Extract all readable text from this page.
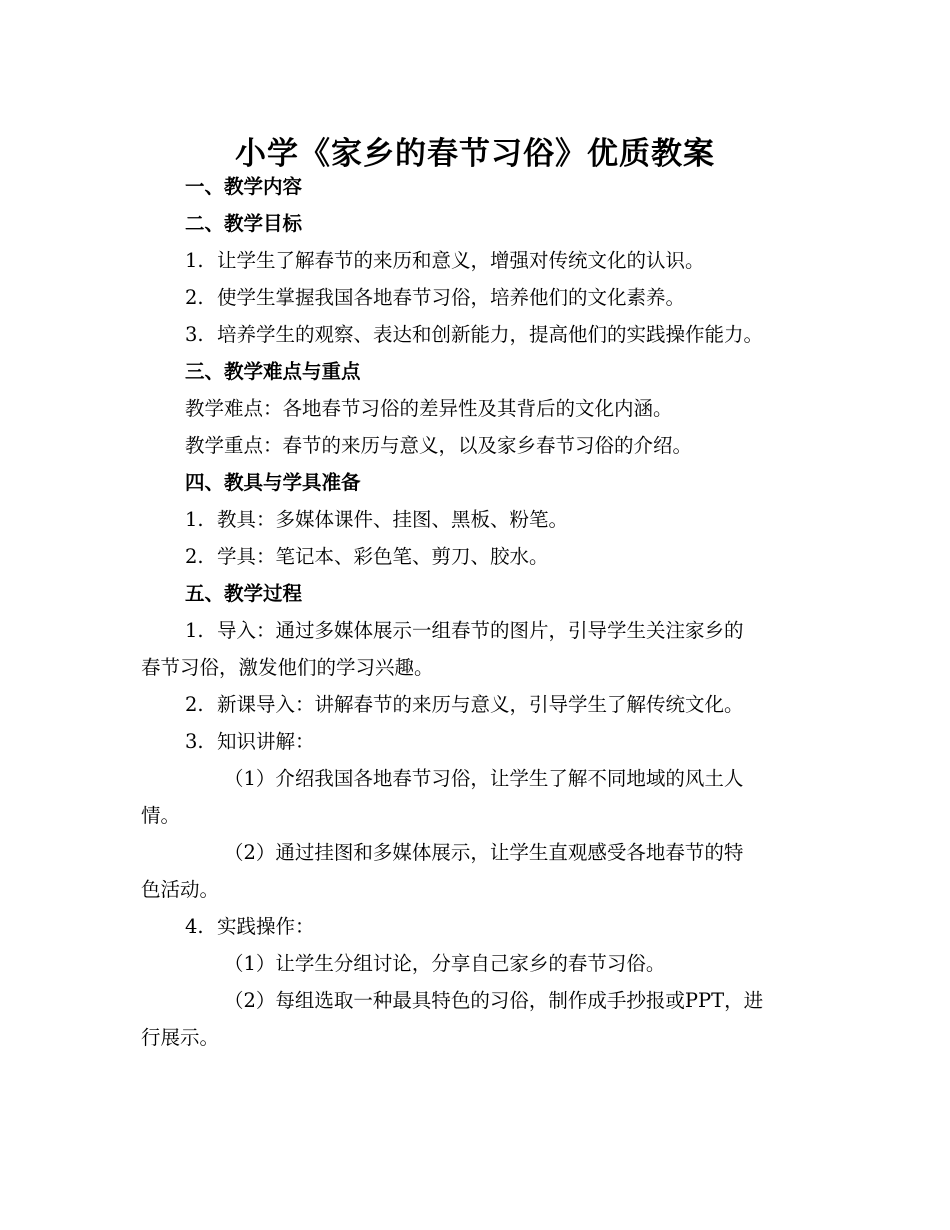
小学《家乡的春节习俗》优质教案

一、教学内容

二、教学目标

1. 让学生了解春节的来历和意义，增强对传统文化的认识。

2. 使学生掌握我国各地春节习俗，培养他们的文化素养。

3. 培养学生的观察、表达和创新能力，提高他们的实践操作能力。

三、教学难点与重点

教学难点：各地春节习俗的差异性及其背后的文化内涵。

教学重点：春节的来历与意义，以及家乡春节习俗的介绍。

四、教具与学具准备

1. 教具：多媒体课件、挂图、黑板、粉笔。

2. 学具：笔记本、彩色笔、剪刀、胶水。

五、教学过程

1. 导入：通过多媒体展示一组春节的图片，引导学生关注家乡的

春节习俗，激发他们的学习兴趣。

2. 新课导入：讲解春节的来历与意义，引导学生了解传统文化。

3. 知识讲解：

（1）介绍我国各地春节习俗，让学生了解不同地域的风土人

情。

（2）通过挂图和多媒体展示，让学生直观感受各地春节的特

色活动。

4. 实践操作：

（1）让学生分组讨论，分享自己家乡的春节习俗。

（2）每组选取一种最具特色的习俗，制作成手抄报或PPT，进

行展示。
